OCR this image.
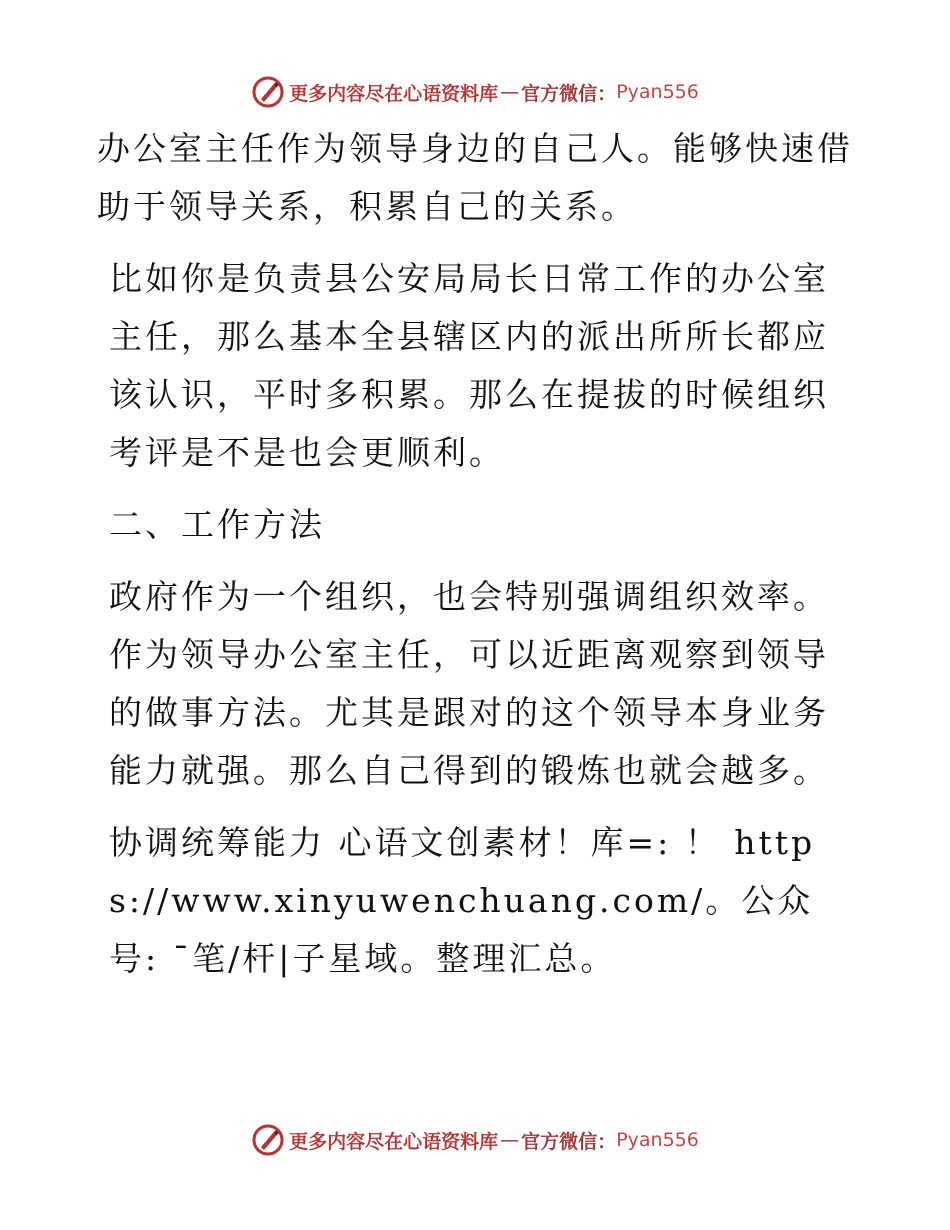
更多内容尽在心语资料库 — 官方微信： Pyan556

办公室主任作为领导身边的自己人。能够快速借助于领导关系，积累自己的关系。

比如你是负责县公安局局长日常工作的办公室主任，那么基本全县辖区内的派出所所长都应该认识，平时多积累。那么在提拔的时候组织考评是不是也会更顺利。

二、工作方法

政府作为一个组织，也会特别强调组织效率。作为领导办公室主任，可以近距离观察到领导的做事方法。尤其是跟对的这个领导本身业务能力就强。那么自己得到的锻炼也就会越多。

协调统筹能力 心语文创素材！库=: ！ https://www.xinyuwenchuang.com/。公众号: ¯笔/杆|子星域。整理汇总。

更多内容尽在心语资料库 — 官方微信： Pyan556
